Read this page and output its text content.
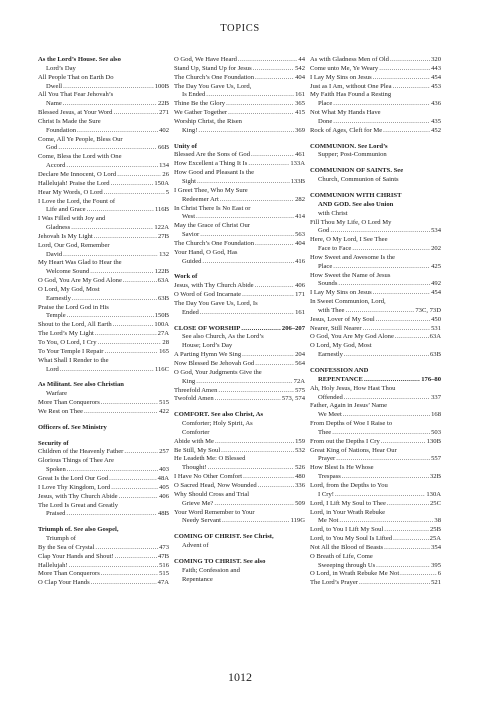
TOPICS
As the Lord’s House. See also
Lord’s Day
All People That on Earth Do
Dwell .....	100B
All You That Fear Jehovah’s
Name .....	22B
Blessed Jesus, at Your Word .....	271
Christ Is Made the Sure
Foundation .....	402
Come, All Ye People, Bless Our
God .....	66B
Come, Bless the Lord with One
Accord .....	134
Declare Me Innocent, O Lord .....	26
Hallelujah! Praise the Lord .....	150A
Hear My Words, O Lord .....	5
I Love the Lord, the Fount of
Life and Grace .....	116B
I Was Filled with Joy and
Gladness .....	122A
Jehovah Is My Light .....	27B
Lord, Our God, Remember
David .....	132
My Heart Was Glad to Hear the
Welcome Sound .....	122B
O God, You Are My God Alone .....	63A
O Lord, My God, Most
Earnestly .....	63B
Praise the Lord God in His
Temple .....	150B
Shout to the Lord, All Earth .....	100A
The Lord’s My Light .....	27A
To You, O Lord, I Cry .....	28
To Your Temple I Repair .....	165
What Shall I Render to the
Lord .....	116C
As Militant. See also Christian
Warfare
More Than Conquerors .....	515
We Rest on Thee .....	422
Officers of. See Ministry
Security of
Children of the Heavenly Father .....	257
Glorious Things of Thee Are
Spoken .....	403
Great Is the Lord Our God .....	48A
I Love Thy Kingdom, Lord .....	405
Jesus, with Thy Church Abide .....	406
The Lord Is Great and Greatly
Praised .....	48B
Triumph of. See also Gospel,
Triumph of
By the Sea of Crystal .....	473
Clap Your Hands and Shout! .....	47B
Hallelujah! .....	516
More Than Conquerors .....	515
O Clap Your Hands .....	47A
O God, We Have Heard .....	44
Stand Up, Stand Up for Jesus .....	542
The Church’s One Foundation .....	404
The Day You Gave Us, Lord,
Is Ended .....	161
Thine Be the Glory .....	365
We Gather Together .....	415
Worship Christ, the Risen
King! .....	369
Unity of
Blessed Are the Sons of God .....	461
How Excellent a Thing It Is .....	133A
How Good and Pleasant Is the
Sight .....	133B
I Greet Thee, Who My Sure
Redeemer Art .....	282
In Christ There Is No East or
West .....	414
May the Grace of Christ Our
Savior .....	563
The Church’s One Foundation .....	404
Your Hand, O God, Has
Guided .....	416
Work of
Jesus, with Thy Church Abide .....	406
O Word of God Incarnate .....	171
The Day You Gave Us, Lord, Is
Ended .....	161
CLOSE OF WORSHIP .....	206–207
See also Church, As the Lord’s
House; Lord’s Day
A Parting Hymn We Sing .....	204
Now Blessed Be Jehovah God .....	564
O God, Your Judgments Give the
King .....	72A
Threefold Amen .....	575
Twofold Amen .....	573, 574
COMFORT. See also Christ, As
Comforter; Holy Spirit, As
Comforter
Abide with Me .....	159
Be Still, My Soul .....	532
He Leadeth Me: O Blessed
Thought! .....	526
I Have No Other Comfort .....	480
O Sacred Head, Now Wounded .....	336
Why Should Cross and Trial
Grieve Me? .....	509
Your Word Remember to Your
Needy Servant .....	119G
COMING OF CHRIST. See Christ,
Advent of
COMING TO CHRIST. See also
Faith; Confession and
Repentance
As with Gladness Men of Old .....	320
Come unto Me, Ye Weary .....	443
I Lay My Sins on Jesus .....	454
Just as I Am, without One Plea .....	453
My Faith Has Found a Resting
Place .....	436
Not What My Hands Have
Done .....	435
Rock of Ages, Cleft for Me .....	452
COMMUNION. See Lord’s
Supper; Post-Communion
COMMUNION OF SAINTS. See
Church, Communion of Saints
COMMUNION WITH CHRIST
AND GOD. See also Union
with Christ
Fill Thou My Life, O Lord My
God .....	534
Here, O My Lord, I See Thee
Face to Face .....	202
How Sweet and Awesome Is the
Place .....	425
How Sweet the Name of Jesus
Sounds .....	492
I Lay My Sins on Jesus .....	454
In Sweet Communion, Lord,
with Thee .....	73C, 73D
Jesus, Lover of My Soul .....	450
Nearer, Still Nearer .....	531
O God, You Are My God Alone .....	63A
O Lord, My God, Most
Earnestly .....	63B
CONFESSION AND
REPENTANCE .....	176–80
Ah, Holy Jesus, How Hast Thou
Offended .....	337
Father, Again in Jesus’ Name
We Meet .....	168
From Depths of Woe I Raise to
Thee .....	503
From out the Depths I Cry .....	130B
Great King of Nations, Hear Our
Prayer .....	557
How Blest Is He Whose
Trespass .....	32B
Lord, from the Depths to You
I Cry! .....	130A
Lord, I Lift My Soul to Thee .....	25C
Lord, in Your Wrath Rebuke
Me Not .....	38
Lord, to You I Lift My Soul .....	25B
Lord, to You My Soul Is Lifted .....	25A
Not All the Blood of Beasts .....	354
O Breath of Life, Come
Sweeping through Us .....	395
O Lord, in Wrath Rebuke Me Not .....	6
The Lord’s Prayer .....	521
1012
